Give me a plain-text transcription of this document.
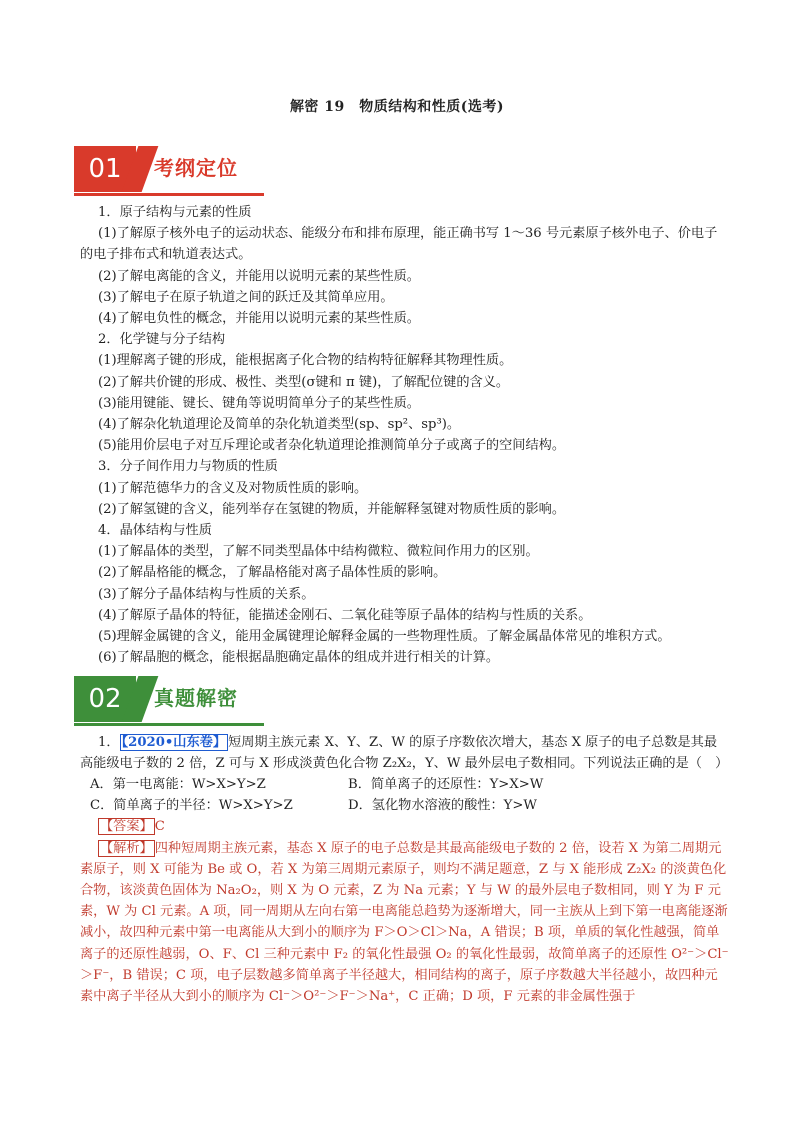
解密 19　物质结构和性质(选考)
01	考纲定位

1．原子结构与元素的性质

(1)了解原子核外电子的运动状态、能级分布和排布原理，能正确书写 1～36 号元素原子核外电子、价电子的电子排布式和轨道表达式。

(2)了解电离能的含义，并能用以说明元素的某些性质。

(3)了解电子在原子轨道之间的跃迁及其简单应用。

(4)了解电负性的概念，并能用以说明元素的某些性质。

2．化学键与分子结构

(1)理解离子键的形成，能根据离子化合物的结构特征解释其物理性质。

(2)了解共价键的形成、极性、类型(σ键和 π 键)，了解配位键的含义。

(3)能用键能、键长、键角等说明简单分子的某些性质。

(4)了解杂化轨道理论及简单的杂化轨道类型(sp、sp²、sp³)。

(5)能用价层电子对互斥理论或者杂化轨道理论推测简单分子或离子的空间结构。

3．分子间作用力与物质的性质

(1)了解范德华力的含义及对物质性质的影响。

(2)了解氢键的含义，能列举存在氢键的物质，并能解释氢键对物质性质的影响。

4．晶体结构与性质

(1)了解晶体的类型，了解不同类型晶体中结构微粒、微粒间作用力的区别。

(2)了解晶格能的概念，了解晶格能对离子晶体性质的影响。

(3)了解分子晶体结构与性质的关系。

(4)了解原子晶体的特征，能描述金刚石、二氧化硅等原子晶体的结构与性质的关系。

(5)理解金属键的含义，能用金属键理论解释金属的一些物理性质。了解金属晶体常见的堆积方式。

(6)了解晶胞的概念，能根据晶胞确定晶体的组成并进行相关的计算。

02	真题解密

1． 【2020•山东卷】 短周期主族元素 X、Y、Z、W 的原子序数依次增大，基态 X 原子的电子总数是其最高能级电子数的 2 倍，Z 可与 X 形成淡黄色化合物 Z₂X₂，Y、W 最外层电子数相同。下列说法正确的是（　）

A．第一电离能：W>X>Y>Z	B．简单离子的还原性：Y>X>W
C．简单离子的半径：W>X>Y>Z	D．氢化物水溶液的酸性：Y>W

【答案】 C

【解析】 四种短周期主族元素，基态 X 原子的电子总数是其最高能级电子数的 2 倍，设若 X 为第二周期元素原子，则 X 可能为 Be 或 O，若 X 为第三周期元素原子，则均不满足题意，Z 与 X 能形成 Z₂X₂ 的淡黄色化合物，该淡黄色固体为 Na₂O₂，则 X 为 O 元素，Z 为 Na 元素；Y 与 W 的最外层电子数相同，则 Y 为 F 元素，W 为 Cl 元素。A 项，同一周期从左向右第一电离能总趋势为逐渐增大，同一主族从上到下第一电离能逐渐减小，故四种元素中第一电离能从大到小的顺序为 F＞O＞Cl＞Na，A 错误；B 项，单质的氧化性越强，简单离子的还原性越弱，O、F、Cl 三种元素中 F₂ 的氧化性最强 O₂ 的氧化性最弱，故简单离子的还原性 O²⁻＞Cl⁻＞F⁻，B 错误；C 项，电子层数越多简单离子半径越大，相同结构的离子，原子序数越大半径越小，故四种元素中离子半径从大到小的顺序为 Cl⁻＞O²⁻＞F⁻＞Na⁺，C 正确；D 项，F 元素的非金属性强于
